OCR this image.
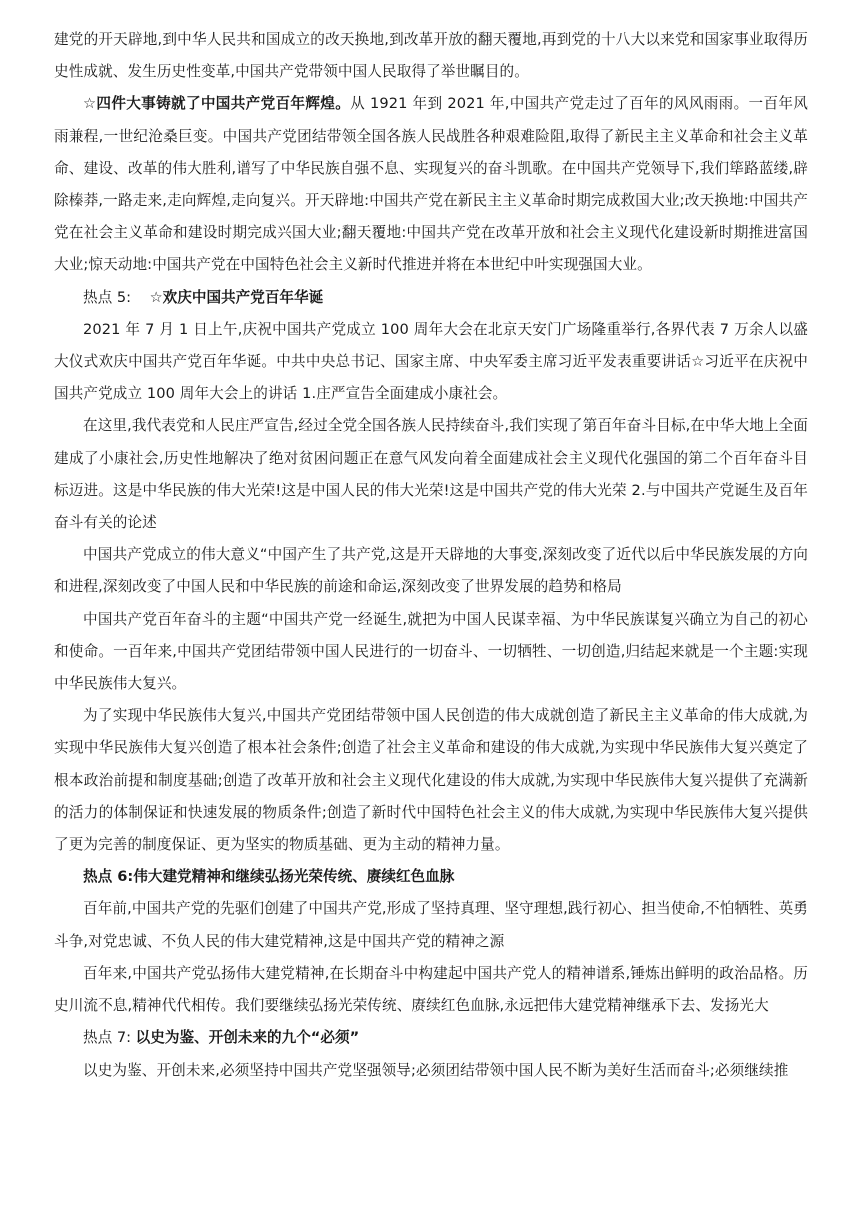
建党的开天辟地,到中华人民共和国成立的改天换地,到改革开放的翻天覆地,再到党的十八大以来党和国家事业取得历史性成就、发生历史性变革,中国共产党带领中国人民取得了举世瞩目的。

☆四件大事铸就了中国共产党百年辉煌。从 1921 年到 2021 年,中国共产党走过了百年的风风雨雨。一百年风雨兼程,一世纪沧桑巨变。中国共产党团结带领全国各族人民战胜各种艰难险阻,取得了新民主主义革命和社会主义革命、建设、改革的伟大胜利,谱写了中华民族自强不息、实现复兴的奋斗凯歌。在中国共产党领导下,我们筚路蓝缕,辟除榛莽,一路走来,走向辉煌,走向复兴。开天辟地:中国共产党在新民主主义革命时期完成救国大业;改天换地:中国共产党在社会主义革命和建设时期完成兴国大业;翻天覆地:中国共产党在改革开放和社会主义现代化建设新时期推进富国大业;惊天动地:中国共产党在中国特色社会主义新时代推进并将在本世纪中叶实现强国大业。

热点 5: ☆欢庆中国共产党百年华诞

2021 年 7 月 1 日上午,庆祝中国共产党成立 100 周年大会在北京天安门广场隆重举行,各界代表 7 万余人以盛大仪式欢庆中国共产党百年华诞。中共中央总书记、国家主席、中央军委主席习近平发表重要讲话☆习近平在庆祝中国共产党成立 100 周年大会上的讲话 1.庄严宣告全面建成小康社会。

在这里,我代表党和人民庄严宣告,经过全党全国各族人民持续奋斗,我们实现了第百年奋斗目标,在中华大地上全面建成了小康社会,历史性地解决了绝对贫困问题正在意气风发向着全面建成社会主义现代化强国的第二个百年奋斗目标迈进。这是中华民族的伟大光荣!这是中国人民的伟大光荣!这是中国共产党的伟大光荣 2.与中国共产党诞生及百年奋斗有关的论述

中国共产党成立的伟大意义“中国产生了共产党,这是开天辟地的大事变,深刻改变了近代以后中华民族发展的方向和进程,深刻改变了中国人民和中华民族的前途和命运,深刻改变了世界发展的趋势和格局

中国共产党百年奋斗的主题“中国共产党一经诞生,就把为中国人民谋幸福、为中华民族谋复兴确立为自己的初心和使命。一百年来,中国共产党团结带领中国人民进行的一切奋斗、一切牺牲、一切创造,归结起来就是一个主题:实现中华民族伟大复兴。

为了实现中华民族伟大复兴,中国共产党团结带领中国人民创造的伟大成就创造了新民主主义革命的伟大成就,为实现中华民族伟大复兴创造了根本社会条件;创造了社会主义革命和建设的伟大成就,为实现中华民族伟大复兴奠定了根本政治前提和制度基础;创造了改革开放和社会主义现代化建设的伟大成就,为实现中华民族伟大复兴提供了充满新的活力的体制保证和快速发展的物质条件;创造了新时代中国特色社会主义的伟大成就,为实现中华民族伟大复兴提供了更为完善的制度保证、更为坚实的物质基础、更为主动的精神力量。

热点 6:伟大建党精神和继续弘扬光荣传统、赓续红色血脉

百年前,中国共产党的先驱们创建了中国共产党,形成了坚持真理、坚守理想,践行初心、担当使命,不怕牺牲、英勇斗争,对党忠诚、不负人民的伟大建党精神,这是中国共产党的精神之源

百年来,中国共产党弘扬伟大建党精神,在长期奋斗中构建起中国共产党人的精神谱系,锤炼出鲜明的政治品格。历史川流不息,精神代代相传。我们要继续弘扬光荣传统、赓续红色血脉,永远把伟大建党精神继承下去、发扬光大

热点 7: 以史为鉴、开创未来的九个“必须”

以史为鉴、开创未来,必须坚持中国共产党坚强领导;必须团结带领中国人民不断为美好生活而奋斗;必须继续推
